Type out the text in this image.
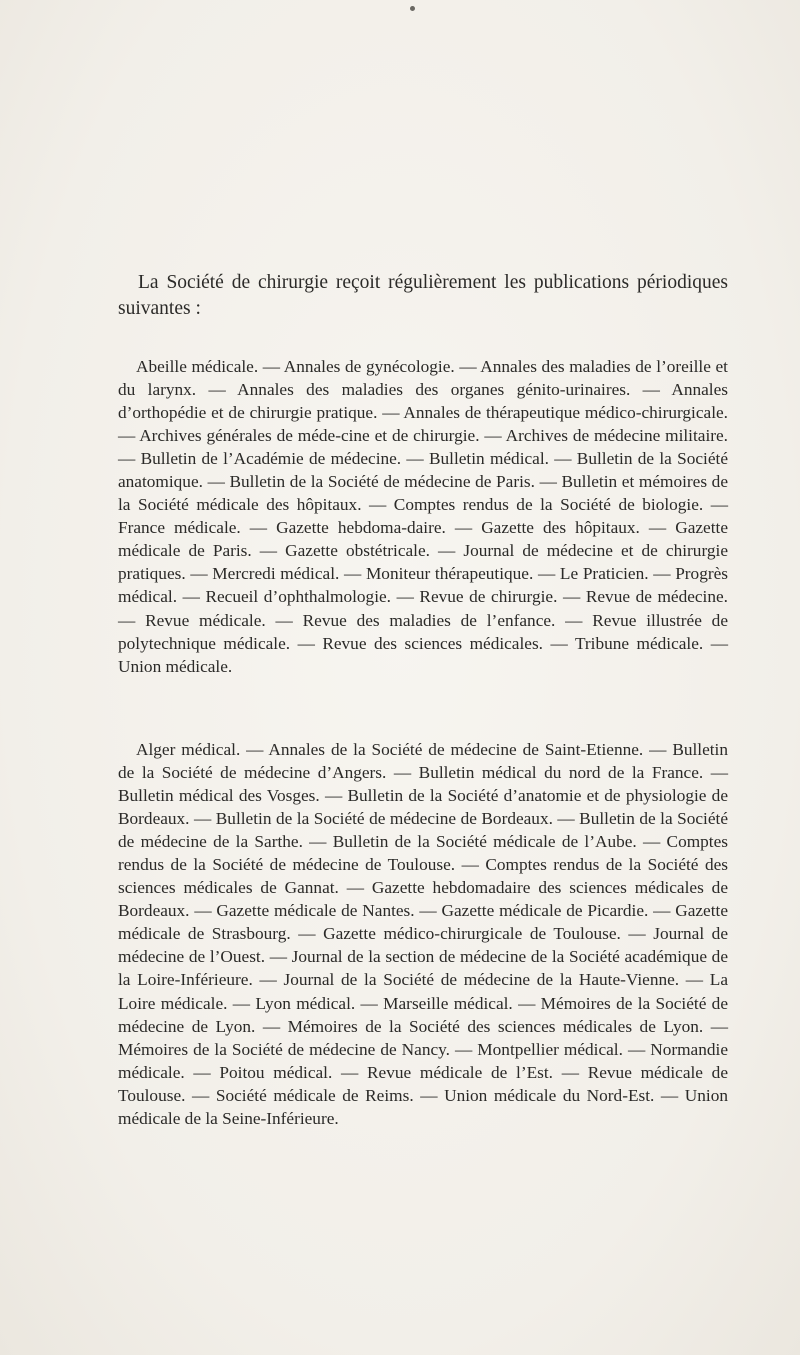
La Société de chirurgie reçoit régulièrement les publications périodiques suivantes :

Abeille médicale. — Annales de gynécologie. — Annales des maladies de l’oreille et du larynx. — Annales des maladies des organes génito-urinaires. — Annales d’orthopédie et de chirurgie pratique. — Annales de thérapeutique médico-chirurgicale. — Archives générales de méde-cine et de chirurgie. — Archives de médecine militaire. — Bulletin de l’Académie de médecine. — Bulletin médical. — Bulletin de la Société anatomique. — Bulletin de la Société de médecine de Paris. — Bulletin et mémoires de la Société médicale des hôpitaux. — Comptes rendus de la Société de biologie. — France médicale. — Gazette hebdoma-daire. — Gazette des hôpitaux. — Gazette médicale de Paris. — Gazette obstétricale. — Journal de médecine et de chirurgie pratiques. — Mercredi médical. — Moniteur thérapeutique. — Le Praticien. — Progrès médical. — Recueil d’ophthalmologie. — Revue de chirurgie. — Revue de médecine. — Revue médicale. — Revue des maladies de l’enfance. — Revue illustrée de polytechnique médicale. — Revue des sciences médicales. — Tribune médicale. — Union médicale.

Alger médical. — Annales de la Société de médecine de Saint-Etienne. — Bulletin de la Société de médecine d’Angers. — Bulletin médical du nord de la France. — Bulletin médical des Vosges. — Bulletin de la Société d’anatomie et de physiologie de Bordeaux. — Bulletin de la Société de médecine de Bordeaux. — Bulletin de la Société de médecine de la Sarthe. — Bulletin de la Société médicale de l’Aube. — Comptes rendus de la Société de médecine de Toulouse. — Comptes rendus de la Société des sciences médicales de Gannat. — Gazette hebdomadaire des sciences médicales de Bordeaux. — Gazette médicale de Nantes. — Gazette médicale de Picardie. — Gazette médicale de Strasbourg. — Gazette médico-chirurgicale de Toulouse. — Journal de médecine de l’Ouest. — Journal de la section de médecine de la Société académique de la Loire-Inférieure. — Journal de la Société de médecine de la Haute-Vienne. — La Loire médicale. — Lyon médical. — Marseille médical. — Mémoires de la Société de médecine de Lyon. — Mémoires de la Société des sciences médicales de Lyon. — Mémoires de la Société de médecine de Nancy. — Montpellier médical. — Normandie médicale. — Poitou médical. — Revue médicale de l’Est. — Revue médicale de Toulouse. — Société médicale de Reims. — Union médicale du Nord-Est. — Union médicale de la Seine-Inférieure.
